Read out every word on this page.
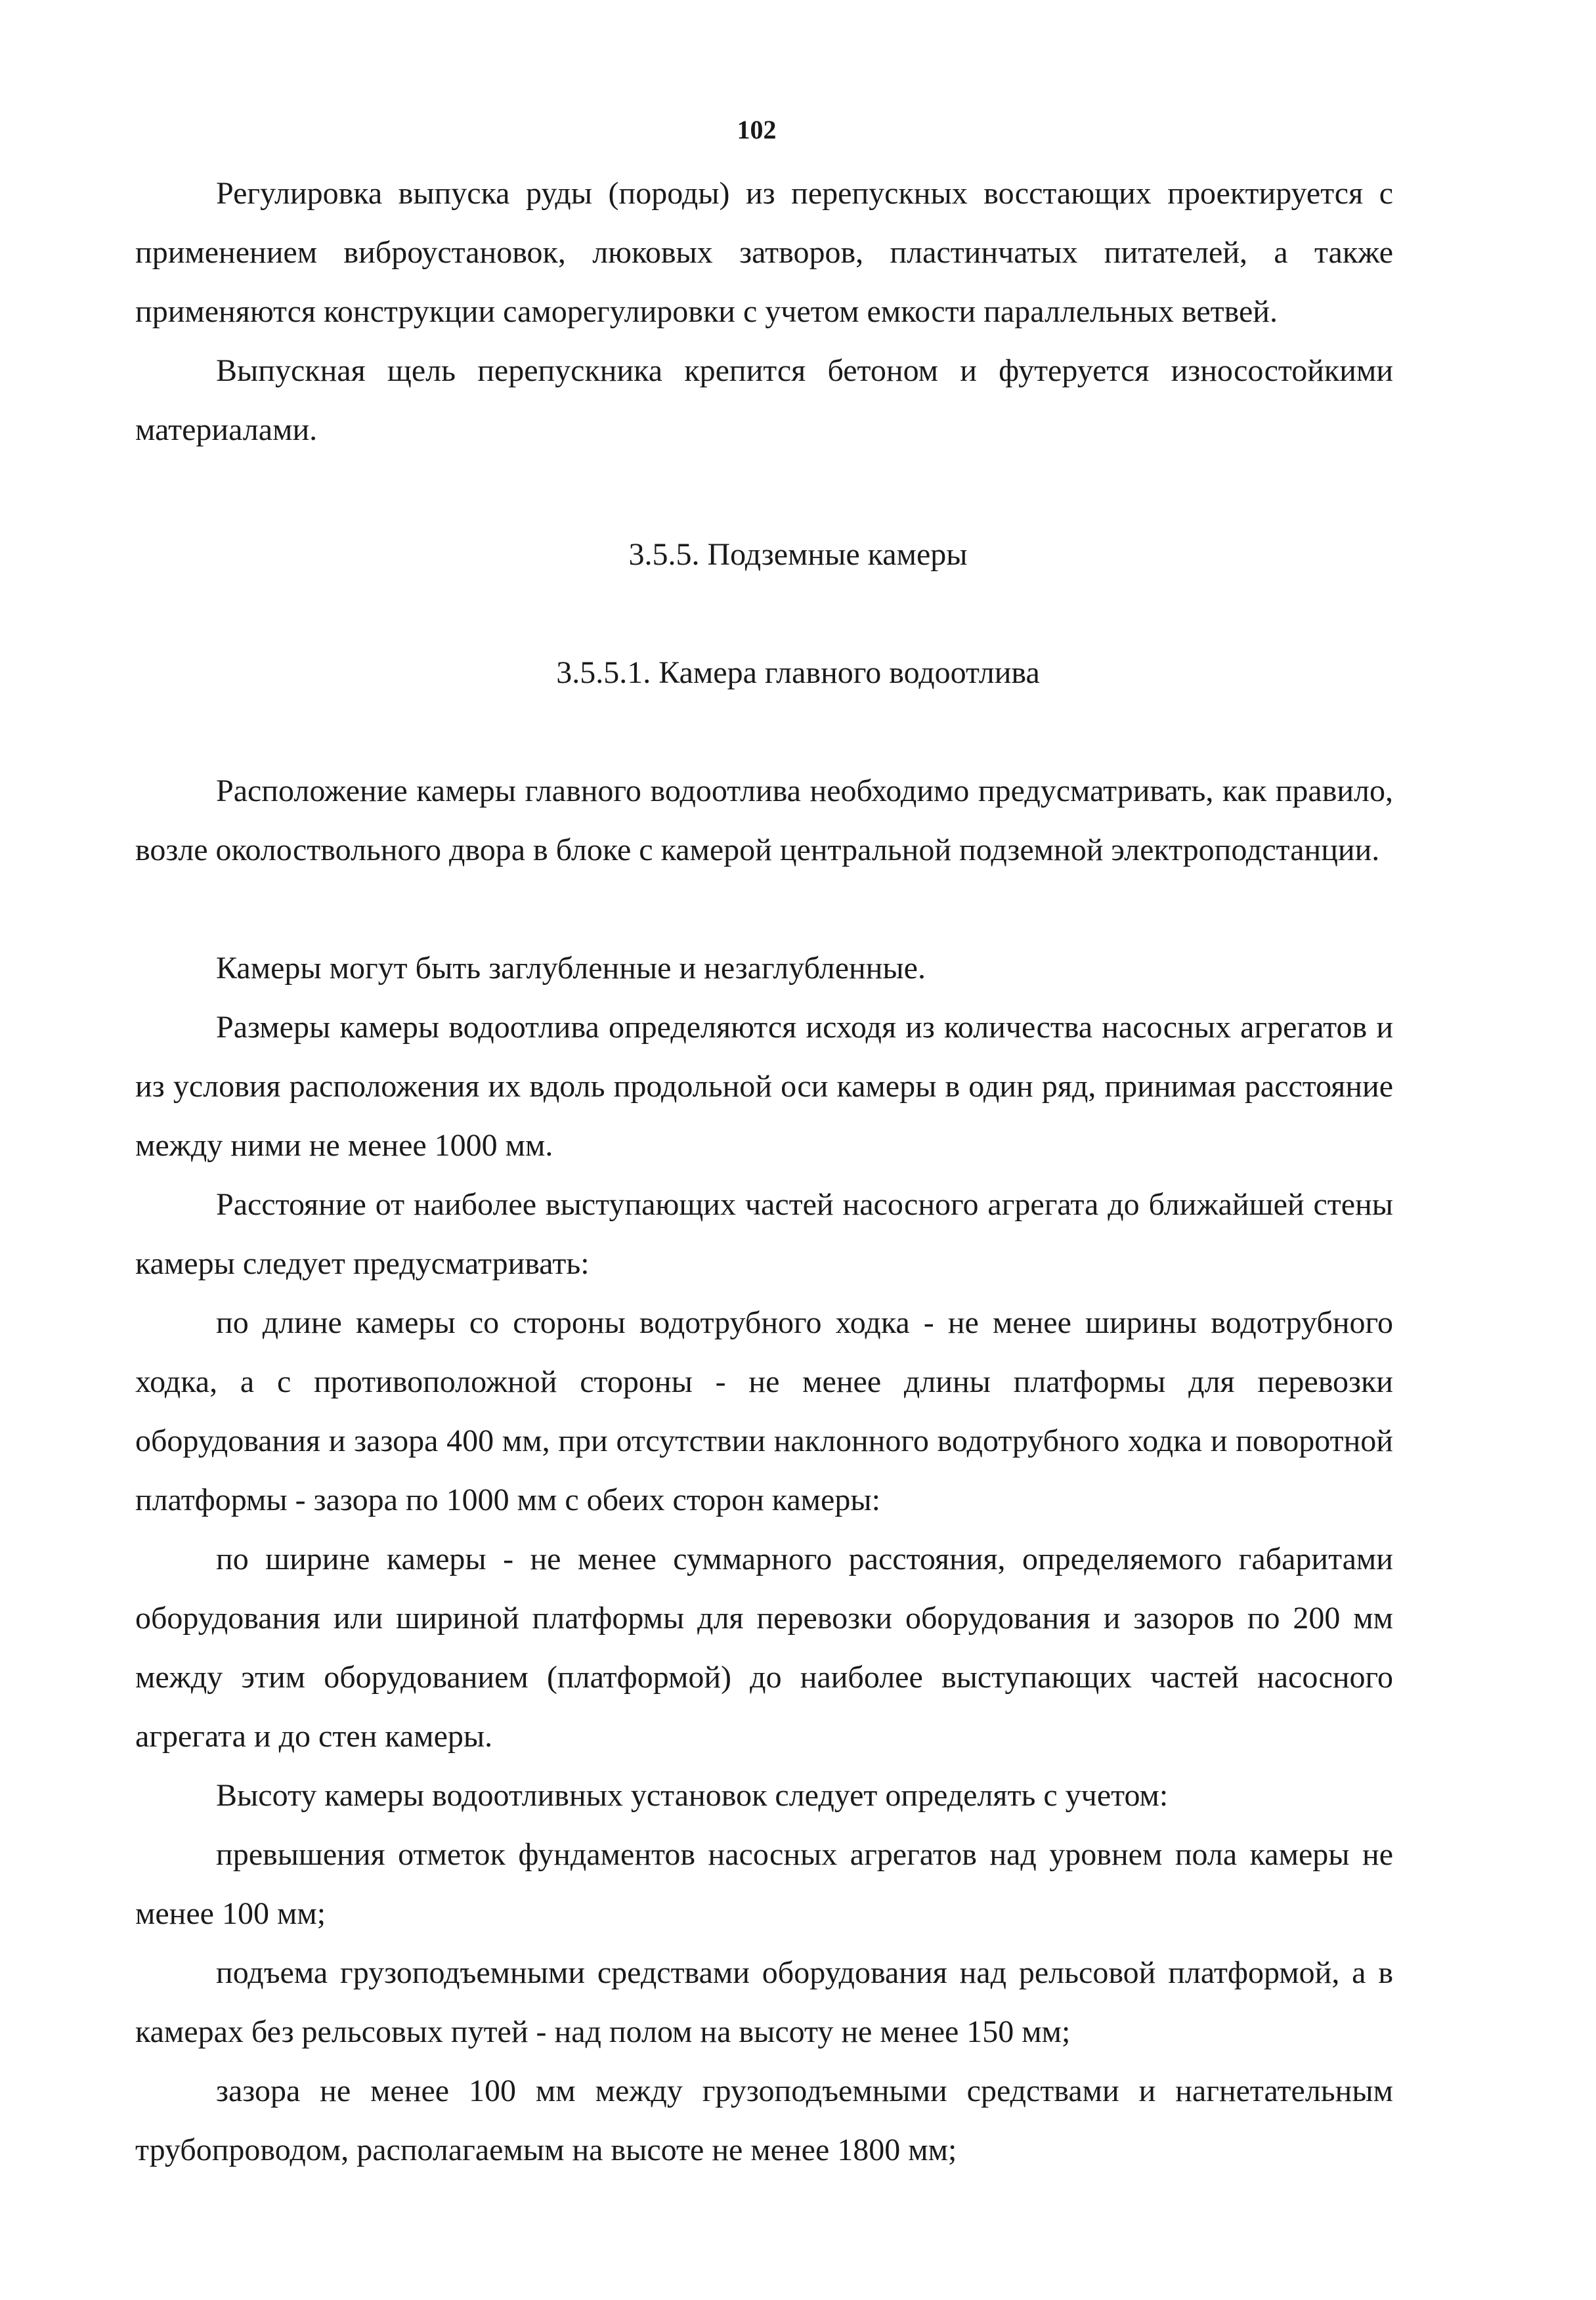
102

Регулировка выпуска руды (породы) из перепускных восстающих проектируется с применением виброустановок, люковых затворов, пластинчатых питателей, а также применяются конструкции саморегулировки с учетом емкости параллельных ветвей.

Выпускная щель перепускника крепится бетоном и футеруется износостойкими материалами.

3.5.5. Подземные камеры

3.5.5.1. Камера главного водоотлива

Расположение камеры главного водоотлива необходимо предусматривать, как правило, возле околоствольного двора в блоке с камерой центральной подземной электроподстанции.

Камеры могут быть заглубленные и незаглубленные.

Размеры камеры водоотлива определяются исходя из количества насосных агрегатов и из условия расположения их вдоль продольной оси камеры в один ряд, принимая расстояние между ними не менее 1000 мм.

Расстояние от наиболее выступающих частей насосного агрегата до ближайшей стены камеры следует предусматривать:

по длине камеры со стороны водотрубного ходка - не менее ширины водотрубного ходка, а с противоположной стороны - не менее длины платформы для перевозки оборудования и зазора 400 мм, при отсутствии наклонного водотрубного ходка и поворотной платформы - зазора по 1000 мм с обеих сторон камеры:

по ширине камеры - не менее суммарного расстояния, определяемого габаритами оборудования или шириной платформы для перевозки оборудования и зазоров по 200 мм между этим оборудованием (платформой) до наиболее выступающих частей насосного агрегата и до стен камеры.

Высоту камеры водоотливных установок следует определять с учетом:

превышения отметок фундаментов насосных агрегатов над уровнем пола камеры не менее 100 мм;

подъема грузоподъемными средствами оборудования над рельсовой платформой, а в камерах без рельсовых путей - над полом на высоту не менее 150 мм;

зазора не менее 100 мм между грузоподъемными средствами и нагнетательным трубопроводом, располагаемым на высоте не менее 1800 мм;
